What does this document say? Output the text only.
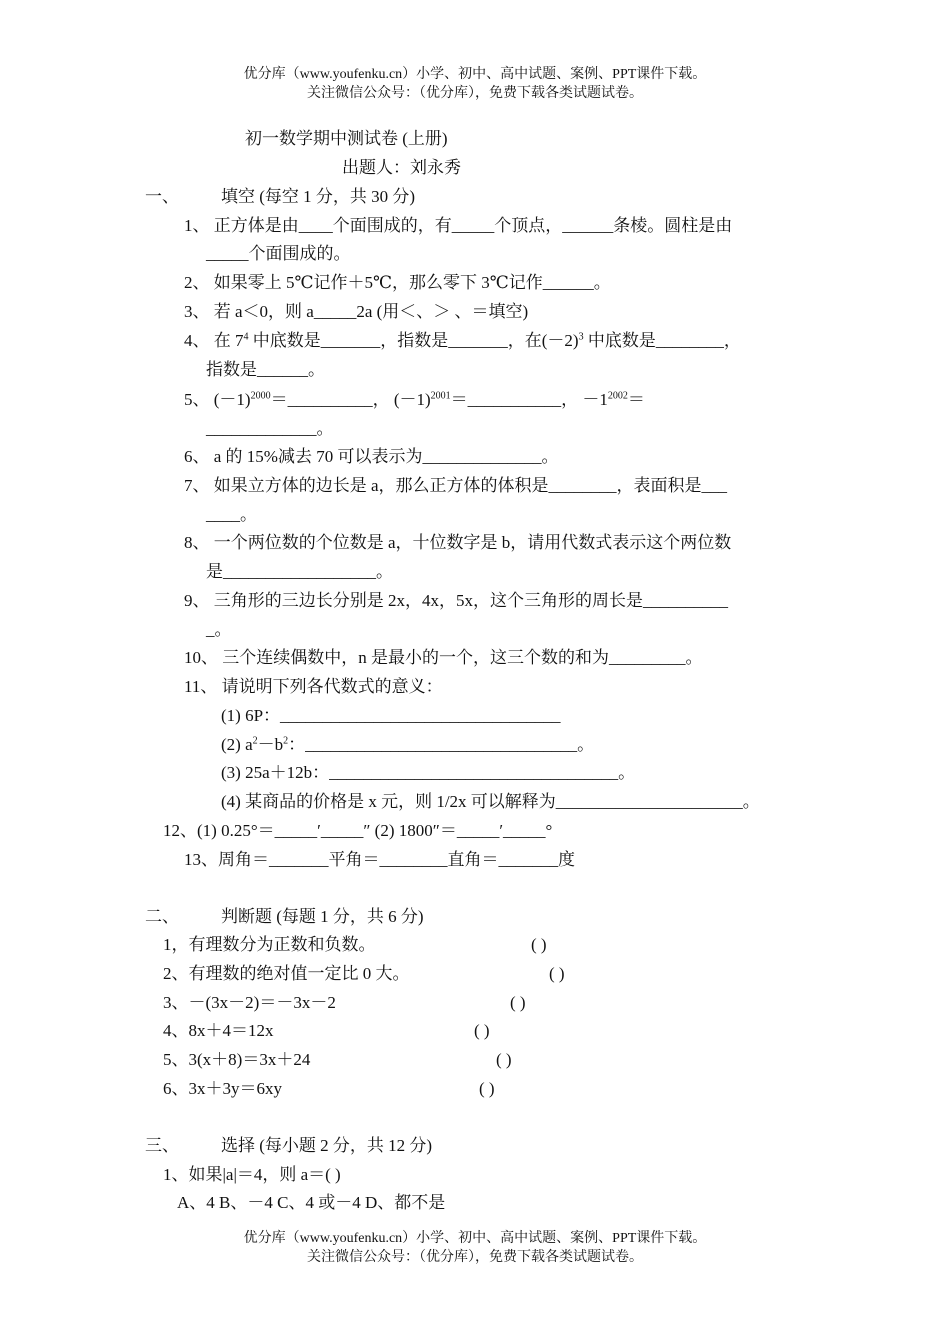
优分库（www.youfenku.cn）小学、初中、高中试题、案例、PPT课件下载。
关注微信公众号：（优分库），免费下载各类试题试卷。
初一数学期中测试卷 (上册)
出题人：刘永秀
一、 填空 (每空 1 分，共 30 分)
1、 正方体是由____个面围成的，有_____个顶点，______条棱。圆柱是由
_____个面围成的。
2、 如果零上 5℃记作＋5℃，那么零下 3℃记作______。
3、 若 a＜0，则 a_____2a (用＜、＞ 、＝填空)
4、 在 $7^4$ 中底数是_______，指数是_______，在$(-2)^3$ 中底数是________，
指数是______。
5、 $(-1)^{2000}=\_\_\_\_\_\_\_\_\_\_$， $(-1)^{2001}=\_\_\_\_\_\_\_\_\_\_\_$， $-1^{2002}=$
_____________。
6、 a 的 15%减去 70 可以表示为______________。
7、 如果立方体的边长是 a，那么正方体的体积是________，表面积是___
____。
8、 一个两位数的个位数是 a，十位数字是 b，请用代数式表示这个两位数
是__________________。
9、 三角形的三边长分别是 2x，4x，5x，这个三角形的周长是__________
_。
10、 三个连续偶数中，n 是最小的一个，这三个数的和为_________。
11、 请说明下列各代数式的意义：
(1) 6P：_________________________________
(2) $a^2-b^2$：________________________________。
(3) 25a＋12b：__________________________________。
(4) 某商品的价格是 x 元，则 1/2x 可以解释为______________________。
12、(1) 0.25°＝_____′_____″ (2) 1800″＝_____′_____°
13、周角＝_______平角＝________直角＝_______度
二、 判断题 (每题 1 分，共 6 分)
1，有理数分为正数和负数。	( )
2、有理数的绝对值一定比 0 大。	( )
3、－(3x－2)＝－3x－2	( )
4、8x＋4＝12x	( )
5、3(x＋8)＝3x＋24	( )
6、3x＋3y＝6xy	( )
三、 选择 (每小题 2 分，共 12 分)
1、如果|a|＝4，则 a＝( )
A、4 B、－4 C、4 或－4 D、都不是
优分库（www.youfenku.cn）小学、初中、高中试题、案例、PPT课件下载。
关注微信公众号：（优分库），免费下载各类试题试卷。
